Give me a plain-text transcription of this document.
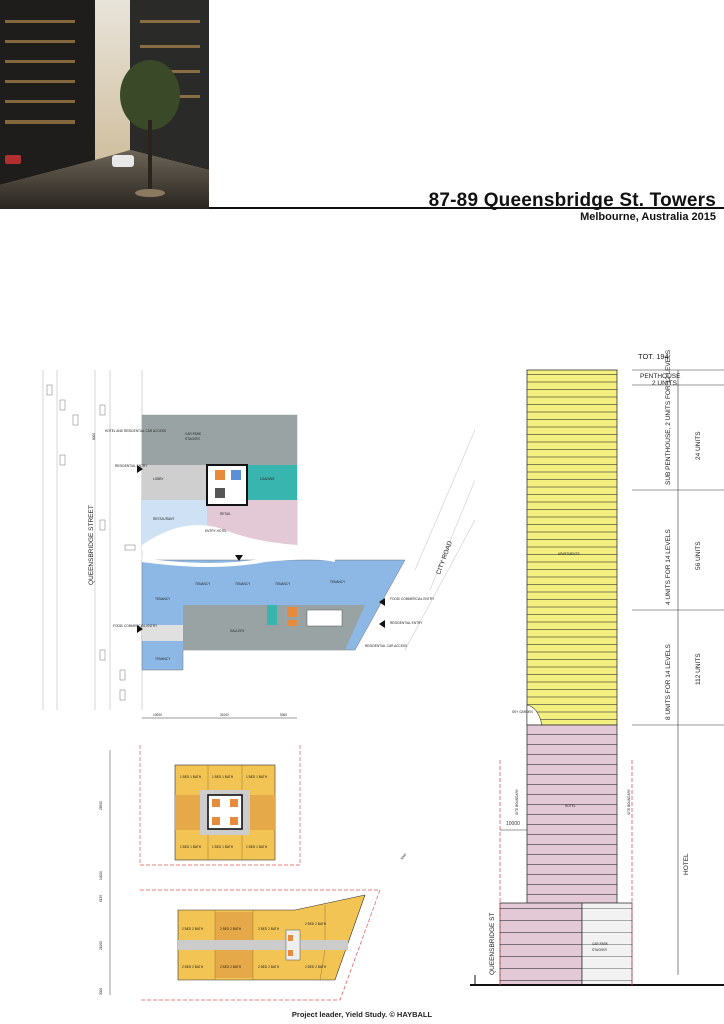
87-89 Queensbridge St. Towers
Melbourne, Australia 2015
QUEENSBRIDGE STREET	CITY ROAD
CAR PARK
STACKER
LOBBY
RESTAURANT
LOADING
RETAIL
ENTRY HOTEL
TENANCY
TENANCY	TENANCY	TENANCY	TENANCY
TENANCY
GALLERY
HOTEL AND RESIDENTIAL CAR ACCESS
RESIDENTIAL ENTRY
FOOD/ COMMERCIAL ENTRY
FOOD/ COMMERCIAL ENTRY
RESIDENTIAL ENTRY
RESIDENTIAL CAR ACCESS
10000	31000	5360
8000
26500
14000
6135
21000
3000
5000
1 BED 1 BATH	1 BED 1 BATH	1 BED 1 BATH
1 BED 1 BATH	1 BED 1 BATH	1 BED 1 BATH
2 BED 2 BATH	2 BED 2 BATH	2 BED 2 BATH
2 BED 2 BATH
2 BED 2 BATH	2 BED 2 BATH	2 BED 2 BATH	2 BED 2 BATH
10000
SITE BOUNDARY	SITE BOUNDARY
QUEENSBRIDGE ST
APARTMENTS
SKY GARDEN
HOTEL
CAR PARK
STACKER
TOT. 194
PENTHOUSE
2 UNITS
SUB PENTHOUSE, 2 UNITS FOR 12 LEVELS	24 UNITS
4 UNITS FOR 14 LEVELS	56 UNITS
8 UNITS FOR 14 LEVELS	112 UNITS
HOTEL
Project leader, Yield Study. © HAYBALL
